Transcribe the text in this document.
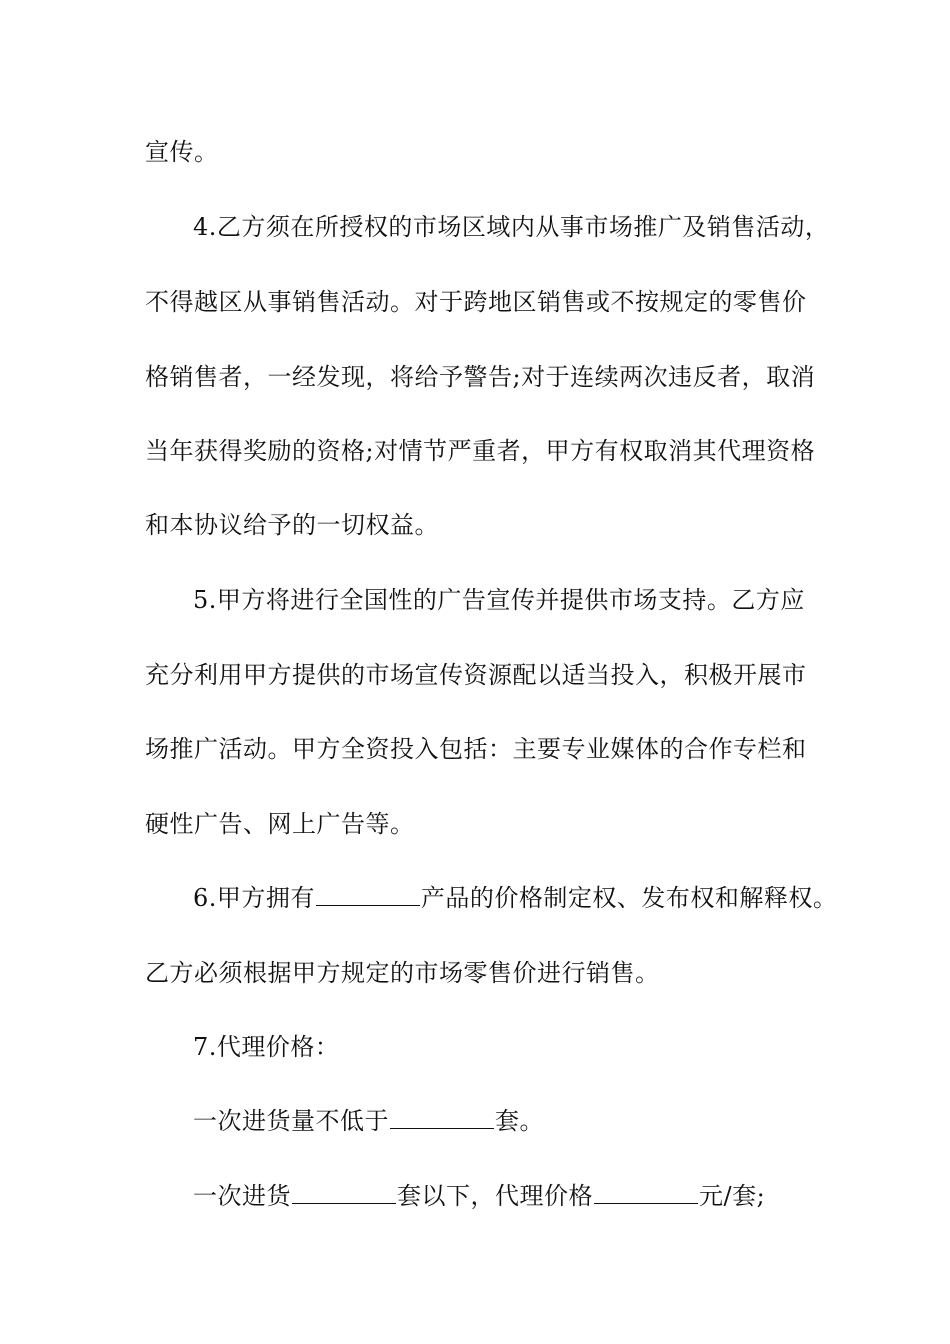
宣传。
4.乙方须在所授权的市场区域内从事市场推广及销售活动，
不得越区从事销售活动。对于跨地区销售或不按规定的零售价
格销售者，一经发现，将给予警告;对于连续两次违反者，取消
当年获得奖励的资格;对情节严重者，甲方有权取消其代理资格
和本协议给予的一切权益。
5.甲方将进行全国性的广告宣传并提供市场支持。乙方应
充分利用甲方提供的市场宣传资源配以适当投入，积极开展市
场推广活动。甲方全资投入包括：主要专业媒体的合作专栏和
硬性广告、网上广告等。
6.甲方拥有	产品的价格制定权、发布权和解释权。
乙方必须根据甲方规定的市场零售价进行销售。
7.代理价格：
一次进货量不低于	套。
一次进货	套以下，代理价格	元/套;
